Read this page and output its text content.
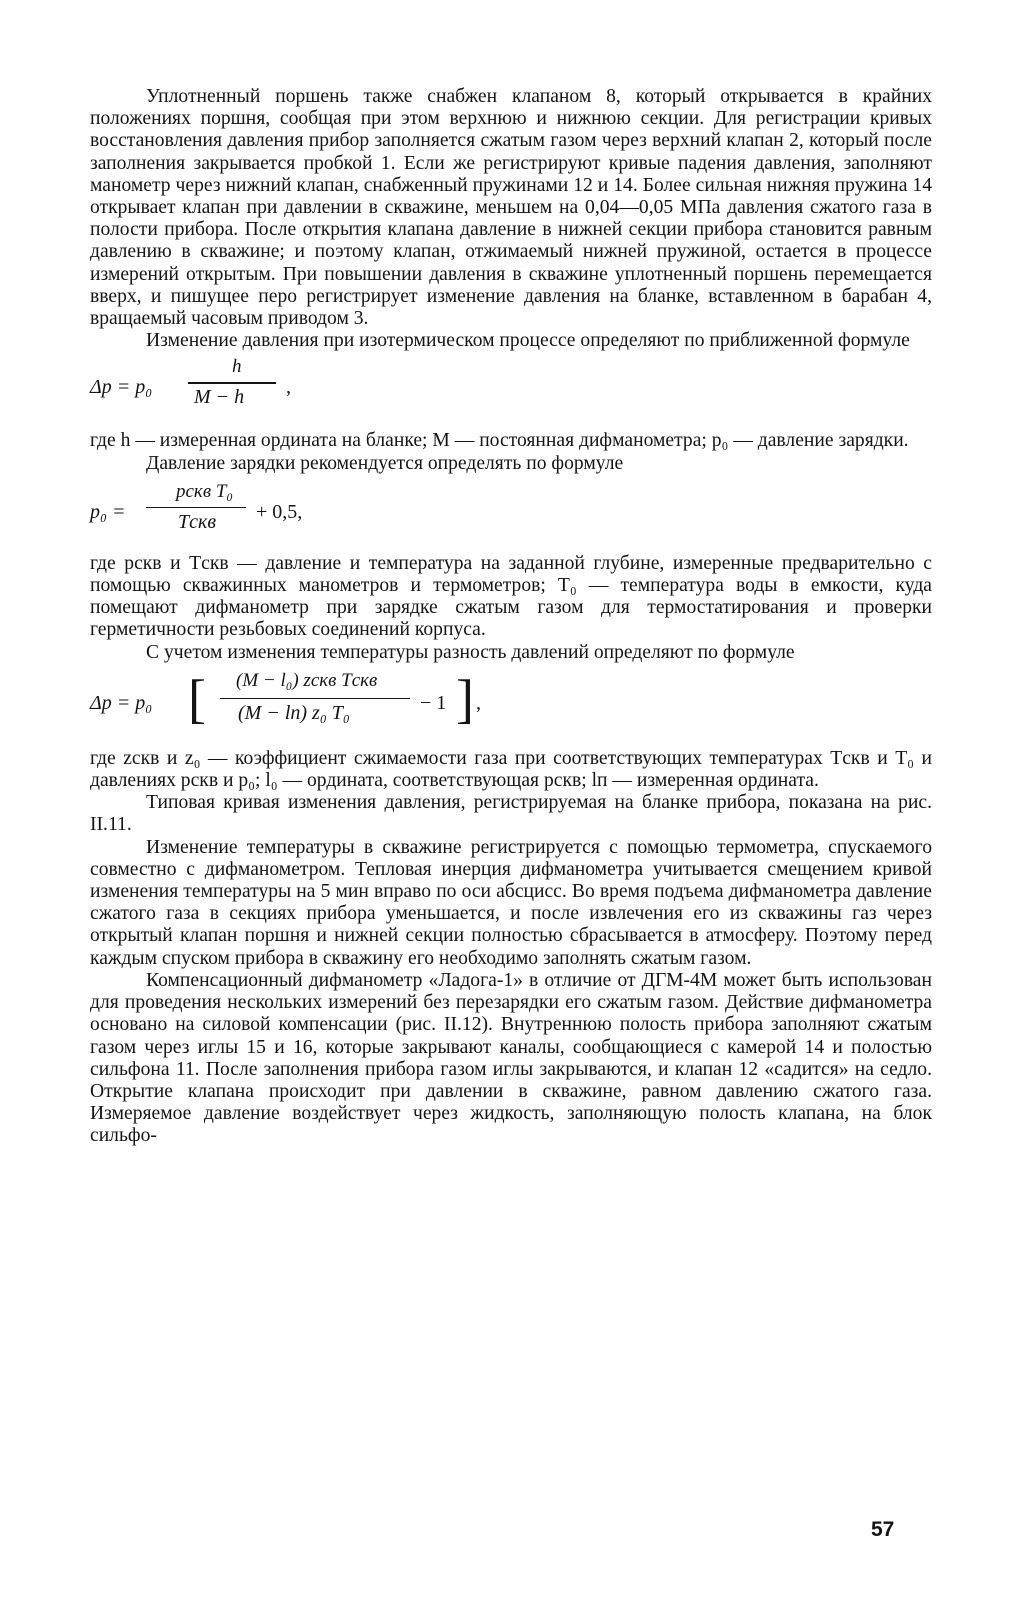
Уплотненный поршень также снабжен клапаном 8, который открывается в крайних положениях поршня, сообщая при этом верхнюю и нижнюю секции. Для регистрации кривых восстановления давления прибор заполняется сжатым газом через верхний клапан 2, который после заполнения закрывается пробкой 1. Если же регистрируют кривые падения давления, заполняют манометр через нижний клапан, снабженный пружинами 12 и 14. Более сильная нижняя пружина 14 открывает клапан при давлении в скважине, меньшем на 0,04—0,05 МПа давления сжатого газа в полости прибора. После открытия клапана давление в нижней секции прибора становится равным давлению в скважине; и поэтому клапан, отжимаемый нижней пружиной, остается в процессе измерений открытым. При повышении давления в скважине уплотненный поршень перемещается вверх, и пишущее перо регистрирует изменение давления на бланке, вставленном в барабан 4, вращаемый часовым приводом 3.

Изменение давления при изотермическом процессе определяют по приближенной формуле

Δp = p₀
h
M − h ,

где h — измеренная ордината на бланке; M — постоянная дифманометра; p₀ — давление зарядки.

Давление зарядки рекомендуется определять по формуле

p₀ =
pскв T₀
Tскв + 0,5,

где pскв и Tскв — давление и температура на заданной глубине, измеренные предварительно с помощью скважинных манометров и термометров; T₀ — температура воды в емкости, куда помещают дифманометр при зарядке сжатым газом для термостатирования и проверки герметичности резьбовых соединений корпуса.

С учетом изменения температуры разность давлений определяют по формуле

Δp = p₀ [ (M − l₀) zскв Tскв
(M − lп) z₀ T₀	− 1 ] ,

где zскв и z₀ — коэффициент сжимаемости газа при соответствующих температурах Tскв и T₀ и давлениях pскв и p₀; l₀ — ордината, соответствующая pскв; lп — измеренная ордината.

Типовая кривая изменения давления, регистрируемая на бланке прибора, показана на рис. II.11.

Изменение температуры в скважине регистрируется с помощью термометра, спускаемого совместно с дифманометром. Тепловая инерция дифманометра учитывается смещением кривой изменения температуры на 5 мин вправо по оси абсцисс. Во время подъема дифманометра давление сжатого газа в секциях прибора уменьшается, и после извлечения его из скважины газ через открытый клапан поршня и нижней секции полностью сбрасывается в атмосферу. Поэтому перед каждым спуском прибора в скважину его необходимо заполнять сжатым газом.

Компенсационный дифманометр «Ладога-1» в отличие от ДГМ-4М может быть использован для проведения нескольких измерений без перезарядки его сжатым газом. Действие дифманометра основано на силовой компенсации (рис. II.12). Внутреннюю полость прибора заполняют сжатым газом через иглы 15 и 16, которые закрывают каналы, сообщающиеся с камерой 14 и полостью сильфона 11. После заполнения прибора газом иглы закрываются, и клапан 12 «садится» на седло. Открытие клапана происходит при давлении в скважине, равном давлению сжатого газа. Измеряемое давление воздействует через жидкость, заполняющую полость клапана, на блок сильфо-

57
